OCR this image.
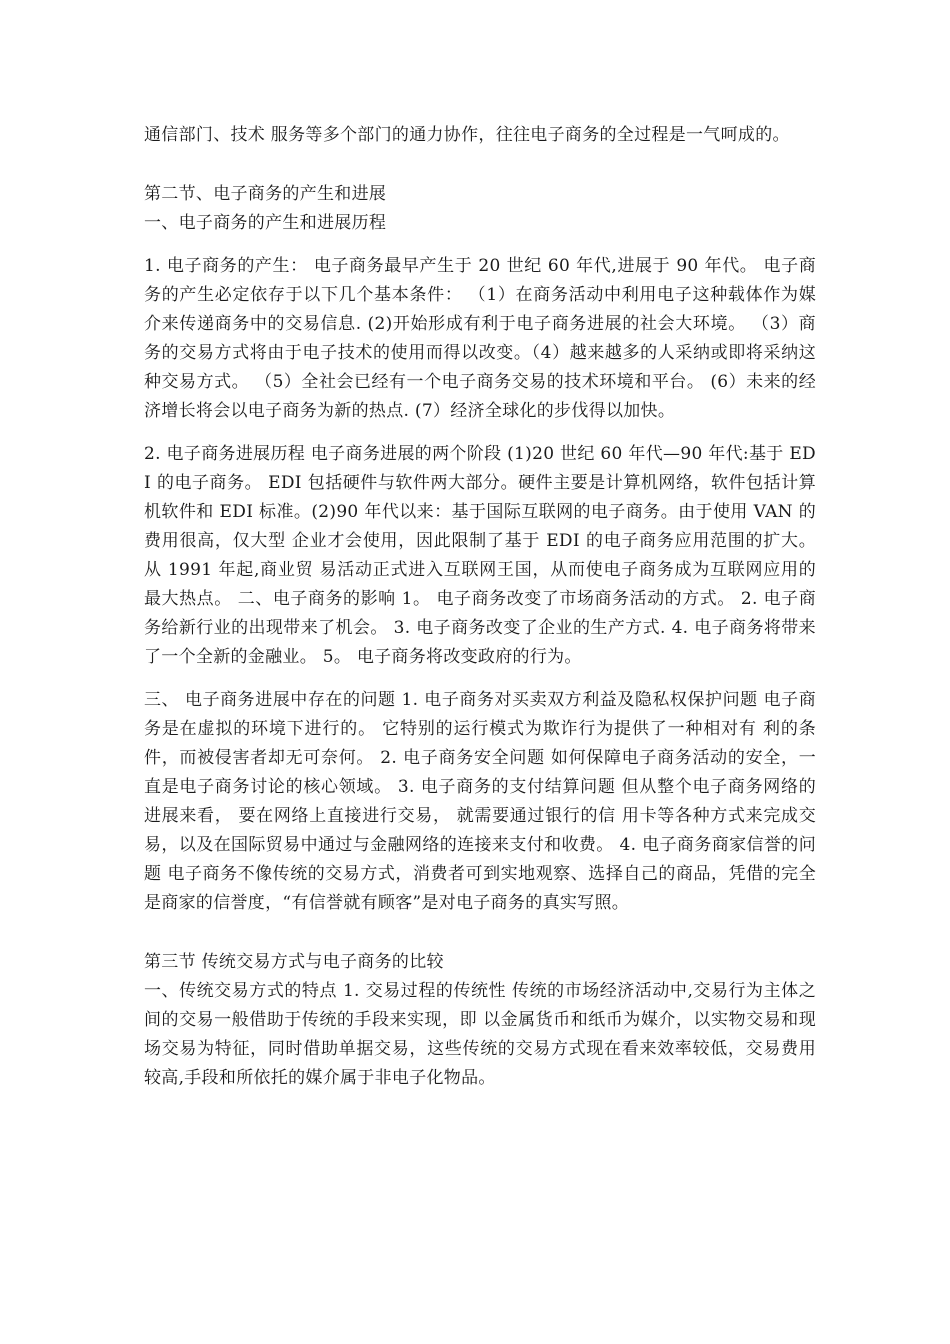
通信部门、技术 服务等多个部门的通力协作，往往电子商务的全过程是一气呵成的。

第二节、电子商务的产生和进展

一、电子商务的产生和进展历程

1. 电子商务的产生： 电子商务最早产生于 20 世纪 60 年代,进展于 90 年代。 电子商务的产生必定依存于以下几个基本条件： （1）在商务活动中利用电子这种载体作为媒介来传递商务中的交易信息. (2)开始形成有利于电子商务进展的社会大环境。 （3）商务的交易方式将由于电子技术的使用而得以改变。（4）越来越多的人采纳或即将采纳这种交易方式。 （5）全社会已经有一个电子商务交易的技术环境和平台。 (6）未来的经济增长将会以电子商务为新的热点. (7）经济全球化的步伐得以加快。

2. 电子商务进展历程 电子商务进展的两个阶段 (1)20 世纪 60 年代—90 年代:基于 EDI 的电子商务。 EDI 包括硬件与软件两大部分。硬件主要是计算机网络，软件包括计算机软件和 EDI 标准。(2)90 年代以来：基于国际互联网的电子商务。由于使用 VAN 的费用很高，仅大型 企业才会使用，因此限制了基于 EDI 的电子商务应用范围的扩大。从 1991 年起,商业贸 易活动正式进入互联网王国，从而使电子商务成为互联网应用的最大热点。 二、电子商务的影响 1。 电子商务改变了市场商务活动的方式。 2. 电子商务给新行业的出现带来了机会。 3. 电子商务改变了企业的生产方式. 4. 电子商务将带来了一个全新的金融业。 5。 电子商务将改变政府的行为。

三、 电子商务进展中存在的问题 1. 电子商务对买卖双方利益及隐私权保护问题 电子商务是在虚拟的环境下进行的。 它特别的运行模式为欺诈行为提供了一种相对有 利的条件，而被侵害者却无可奈何。 2. 电子商务安全问题 如何保障电子商务活动的安全，一直是电子商务讨论的核心领域。 3. 电子商务的支付结算问题 但从整个电子商务网络的进展来看， 要在网络上直接进行交易， 就需要通过银行的信 用卡等各种方式来完成交易，以及在国际贸易中通过与金融网络的连接来支付和收费。 4. 电子商务商家信誉的问题 电子商务不像传统的交易方式，消费者可到实地观察、选择自己的商品，凭借的完全 是商家的信誉度，“有信誉就有顾客”是对电子商务的真实写照。

第三节 传统交易方式与电子商务的比较

一、传统交易方式的特点 1. 交易过程的传统性 传统的市场经济活动中,交易行为主体之间的交易一般借助于传统的手段来实现，即 以金属货币和纸币为媒介，以实物交易和现场交易为特征，同时借助单据交易，这些传统的交易方式现在看来效率较低，交易费用较高,手段和所依托的媒介属于非电子化物品。
